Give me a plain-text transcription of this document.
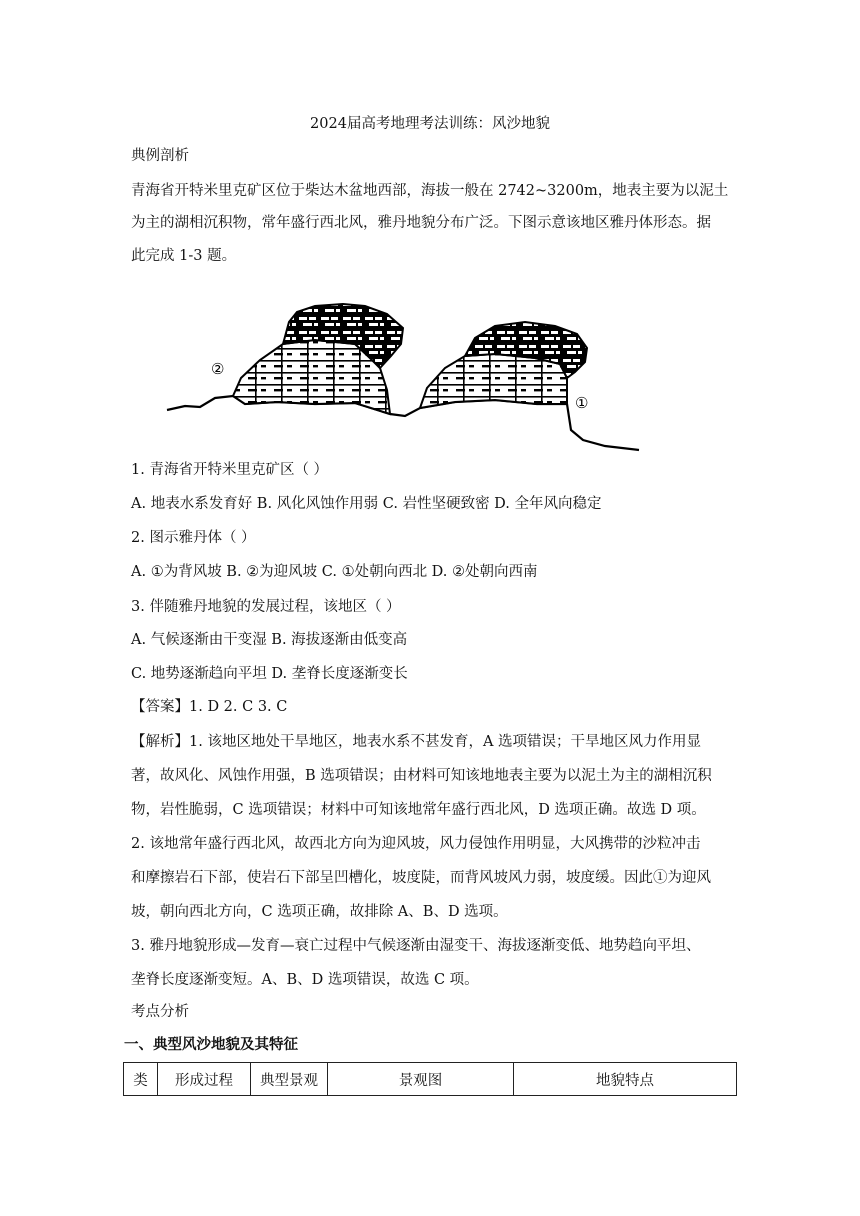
2024届高考地理考法训练：风沙地貌
典例剖析
青海省开特米里克矿区位于柴达木盆地西部，海拔一般在 2742~3200m，地表主要为以泥土
为主的湖相沉积物，常年盛行西北风，雅丹地貌分布广泛。下图示意该地区雅丹体形态。据
此完成 1-3 题。
②
①
1. 青海省开特米里克矿区（ ）
A. 地表水系发育好 B. 风化风蚀作用弱 C. 岩性坚硬致密 D. 全年风向稳定
2. 图示雅丹体（ ）
A. ①为背风坡 B. ②为迎风坡 C. ①处朝向西北 D. ②处朝向西南
3. 伴随雅丹地貌的发展过程，该地区（ ）
A. 气候逐渐由干变湿 B. 海拔逐渐由低变高
C. 地势逐渐趋向平坦 D. 垄脊长度逐渐变长
【答案】1. D 2. C 3. C
【解析】1. 该地区地处干旱地区，地表水系不甚发育，A 选项错误；干旱地区风力作用显
著，故风化、风蚀作用强，B 选项错误；由材料可知该地地表主要为以泥土为主的湖相沉积
物，岩性脆弱，C 选项错误；材料中可知该地常年盛行西北风，D 选项正确。故选 D 项。
2. 该地常年盛行西北风，故西北方向为迎风坡，风力侵蚀作用明显，大风携带的沙粒冲击
和摩擦岩石下部，使岩石下部呈凹槽化，坡度陡，而背风坡风力弱，坡度缓。因此①为迎风
坡，朝向西北方向，C 选项正确，故排除 A、B、D 选项。
3. 雅丹地貌形成—发育—衰亡过程中气候逐渐由湿变干、海拔逐渐变低、地势趋向平坦、
垄脊长度逐渐变短。A、B、D 选项错误，故选 C 项。
考点分析
一、典型风沙地貌及其特征
类	形成过程	典型景观	景观图	地貌特点
